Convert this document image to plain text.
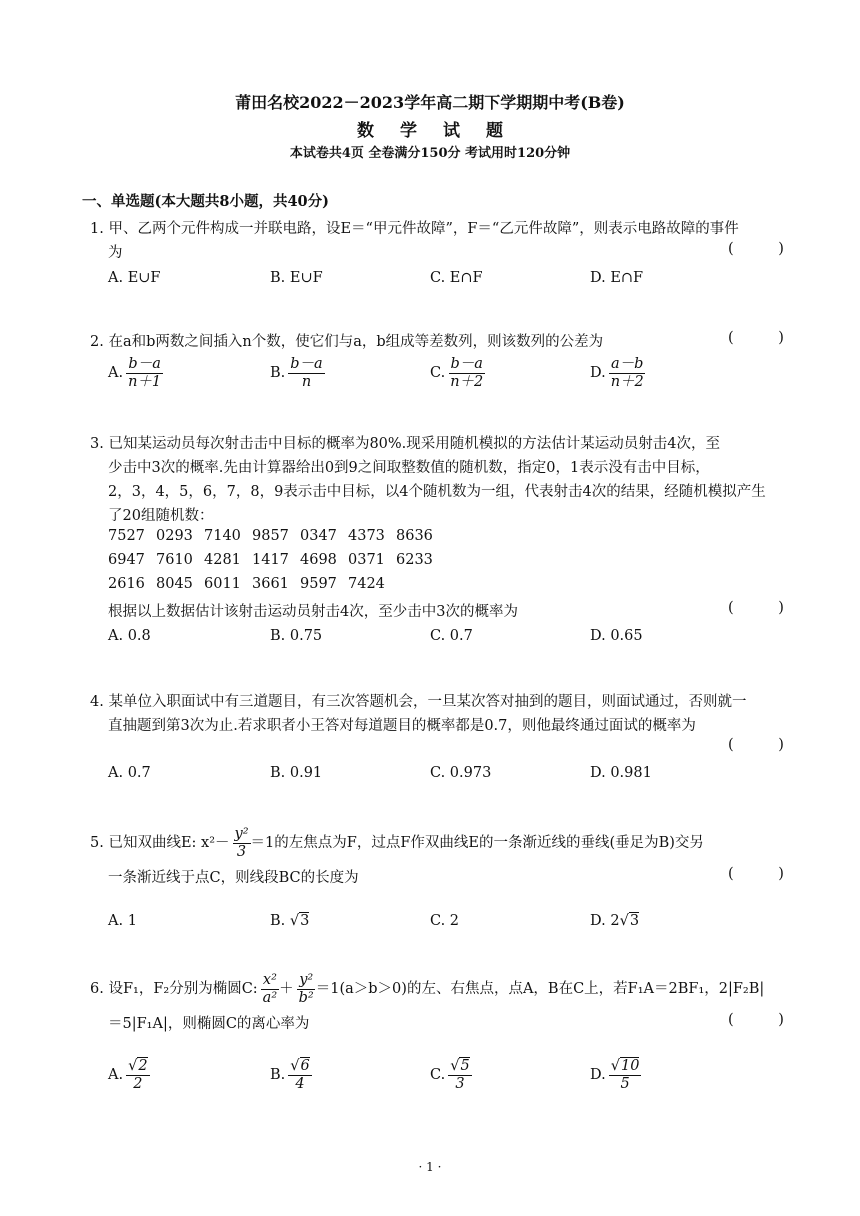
莆田名校2022－2023学年高二期下学期期中考(B卷)
数学试题
本试卷共4页 全卷满分150分 考试用时120分钟
一、单选题(本大题共8小题，共40分)
1. 甲、乙两个元件构成一并联电路，设E＝“甲元件故障”，F＝“乙元件故障”，则表示电路故障的事件
为	( )
A. E∪F	B. E∪F	C. E∩F	D. E∩F
2. 在a和b两数之间插入n个数，使它们与a，b组成等差数列，则该数列的公差为	( )
A. $\frac{b-a}{n+1}$	B. $\frac{b-a}{n}$	C. $\frac{b-a}{n+2}$	D. $\frac{a-b}{n+2}$
3. 已知某运动员每次射击击中目标的概率为80%.现采用随机模拟的方法估计某运动员射击4次，至
少击中3次的概率.先由计算器给出0到9之间取整数值的随机数，指定0，1表示没有击中目标，
2，3，4，5，6，7，8，9表示击中目标，以4个随机数为一组，代表射击4次的结果，经随机模拟产生
了20组随机数：
7527 0293 7140 9857 0347 4373 8636
6947 7610 4281 1417 4698 0371 6233
2616 8045 6011 3661 9597 7424
根据以上数据估计该射击运动员射击4次，至少击中3次的概率为	( )
A. 0.8	B. 0.75	C. 0.7	D. 0.65
4. 某单位入职面试中有三道题目，有三次答题机会，一旦某次答对抽到的题目，则面试通过，否则就一
直抽题到第3次为止.若求职者小王答对每道题目的概率都是0.7，则他最终通过面试的概率为
( )
A. 0.7	B. 0.91	C. 0.973	D. 0.981
5. 已知双曲线E: $x^2- \frac{\text{y²}}{3} =1$的左焦点为F，过点F作双曲线E的一条渐近线的垂线(垂足为B)交另
一条渐近线于点C，则线段BC的长度为	( )
A. 1	B. √3	C. 2	D. 2√3
6. 设F₁，F₂分别为椭圆C: $\frac{\text{x²}}{\text{a²}} + \frac{\text{y²}}{\text{b²}} =1(a>b>0)$的左、右焦点，点A，B在C上，若F₁A＝2BF₁，2|F₂B|
＝5|F₁A|，则椭圆C的离心率为	( )
A. $\frac{√2}{2}$	B. $\frac{√6}{4}$	C. $\frac{√5}{3}$	D. $\frac{√10}{5}$
· 1 ·
